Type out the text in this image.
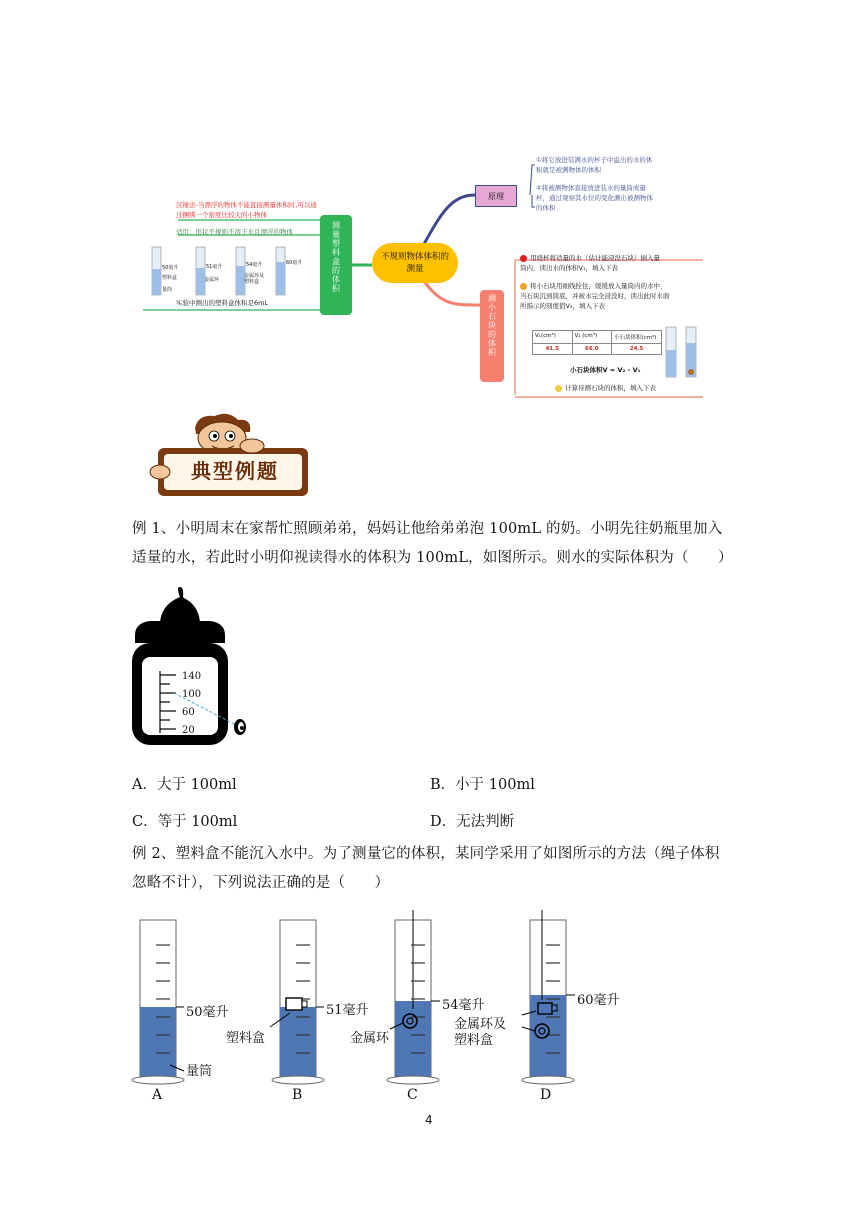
不规则物体体积的测量
原理
①将它放进装满水的杯子中溢出的水的体积就是被测物体的体积
②将被测物体直接放进装水的量筒或量杯，通过观察其水位的变化测出被测物体的体积
测小石块的体积
用烧杯将适量的水（估计能浸没石块）倒入量筒内，读出水的体积V₁，填入下表
将小石块用细线拴住，缓缓放入量筒内的水中，当石块沉到筒底，并被水完全浸没时，读出此时水面所指示的刻度值V₂，填入下表
V₁(cm³)	V₂ (cm³)	小石块体积(cm³)
41.5	66.0	24.5
小石块体积V = V₂ - V₁
计算待测石块的体积，填入下表
测量塑料盒的体积
沉锤法-当漂浮的物体不能直接测量体积时,可以通过捆绑一个密度比较大的小物体
适用：形状不规则不溶于水且漂浮的物体
50毫升	51毫升	54毫升	60毫升
塑料盒	金属环
金属环及塑料盒
量筒
实验中测出的塑料盒体积是6mL
典型例题
例 1、小明周末在家帮忙照顾弟弟，妈妈让他给弟弟泡 100mL 的奶。小明先往奶瓶里加入适量的水，若此时小明仰视读得水的体积为 100mL，如图所示。则水的实际体积为（　　）
140
100
60
20
A．大于 100ml	B．小于 100ml
C．等于 100ml	D．无法判断
例 2、塑料盒不能沉入水中。为了测量它的体积，某同学采用了如图所示的方法（绳子体积忽略不计），下列说法正确的是（　　）
50毫升
量筒
A
51毫升
塑料盒
B
54毫升
金属环
C
60毫升
金属环及
塑料盒
D
4
